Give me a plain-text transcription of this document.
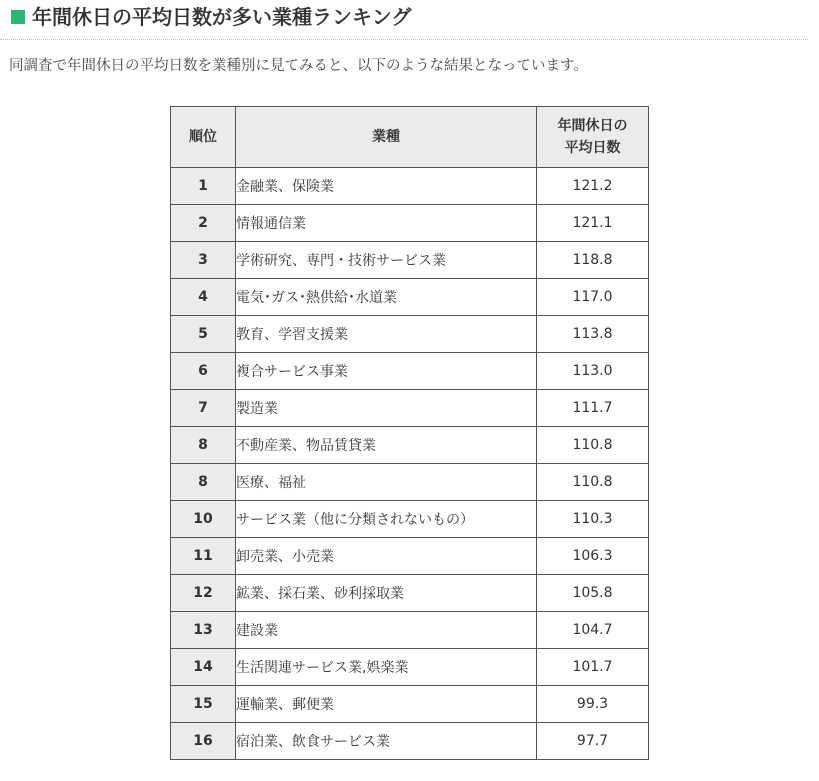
年間休日の平均日数が多い業種ランキング
同調査で年間休日の平均日数を業種別に見てみると、以下のような結果となっています。
順位	業種	年間休日の
平均日数
1	金融業、保険業	121.2
2	情報通信業	121.1
3	学術研究、専門・技術サービス業	118.8
4	電気･ガス･熱供給･水道業	117.0
5	教育、学習支援業	113.8
6	複合サービス事業	113.0
7	製造業	111.7
8	不動産業、物品賃貸業	110.8
8	医療、福祉	110.8
10	サービス業（他に分類されないもの）	110.3
11	卸売業、小売業	106.3
12	鉱業、採石業、砂利採取業	105.8
13	建設業	104.7
14	生活関連サービス業,娯楽業	101.7
15	運輸業、郵便業	99.3
16	宿泊業、飲食サービス業	97.7
